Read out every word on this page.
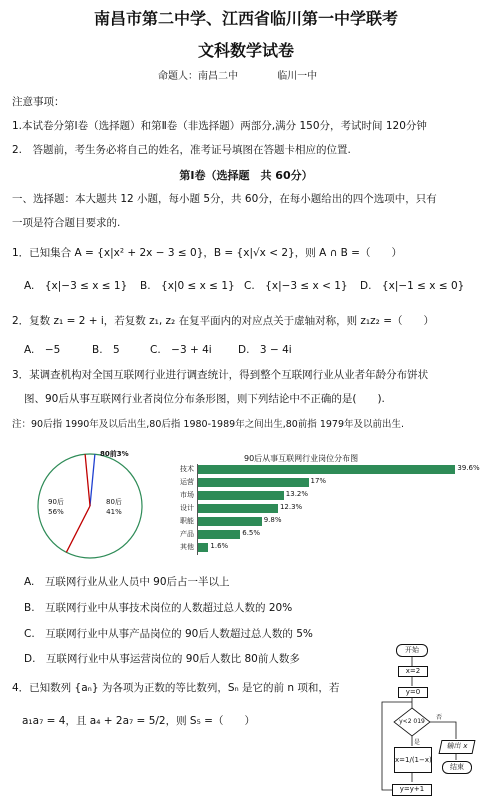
南昌市第二中学、江西省临川第一中学联考
文科数学试卷
命题人：南昌二中	临川一中
注意事项：
1.本试卷分第Ⅰ卷（选择题）和第Ⅱ卷（非选择题）两部分,满分 150分，考试时间 120分钟
2.　答题前，考生务必将自己的姓名，准考证号填图在答题卡相应的位置.
第Ⅰ卷（选择题　共 60分）
一、选择题：本大题共 12 小题，每小题 5分，共 60分，在每小题给出的四个选项中，只有
一项是符合题目要求的.
1．已知集合 A = {x|x² + 2x − 3 ≤ 0}，B = {x|√x < 2}，则 A ∩ B =（　　）
A.　{x|−3 ≤ x ≤ 1} B.　{x|0 ≤ x ≤ 1} C.　{x|−3 ≤ x < 1} D.　{x|−1 ≤ x ≤ 0}
2．复数 z₁ = 2 + i，若复数 z₁, z₂ 在复平面内的对应点关于虚轴对称，则 z₁z₂ =（　　）
A.　−5	B.　5	C.　−3 + 4i	D.　3 − 4i
3．某调查机构对全国互联网行业进行调查统计，得到整个互联网行业从业者年龄分布饼状
图、90后从事互联网行业者岗位分布条形图，则下列结论中不正确的是(　　).
注：90后指 1990年及以后出生,80后指 1980-1989年之间出生,80前指 1979年及以前出生.
90后
56%
80后
41%
80前3%	90后从事互联网行业岗位分布图
技术	39.6%
运营	17%
市场	13.2%
设计	12.3%
职能	9.8%
产品	6.5%
其他 1.6%
A.　互联网行业从业人员中 90后占一半以上
B.　互联网行业中从事技术岗位的人数超过总人数的 20%
C.　互联网行业中从事产品岗位的 90后人数超过总人数的 5%
D.　互联网行业中从事运营岗位的 90后人数比 80前人数多
4．已知数列 {aₙ} 为各项为正数的等比数列，Sₙ 是它的前 n 项和，若
a₁a₇ = 4，且 a₄ + 2a₇ = 5/2，则 S₅ =（　　）
开始
x=2
y=0
y<2 019
否
是
x=1/(1−x)
输出 x
结束
y=y+1
